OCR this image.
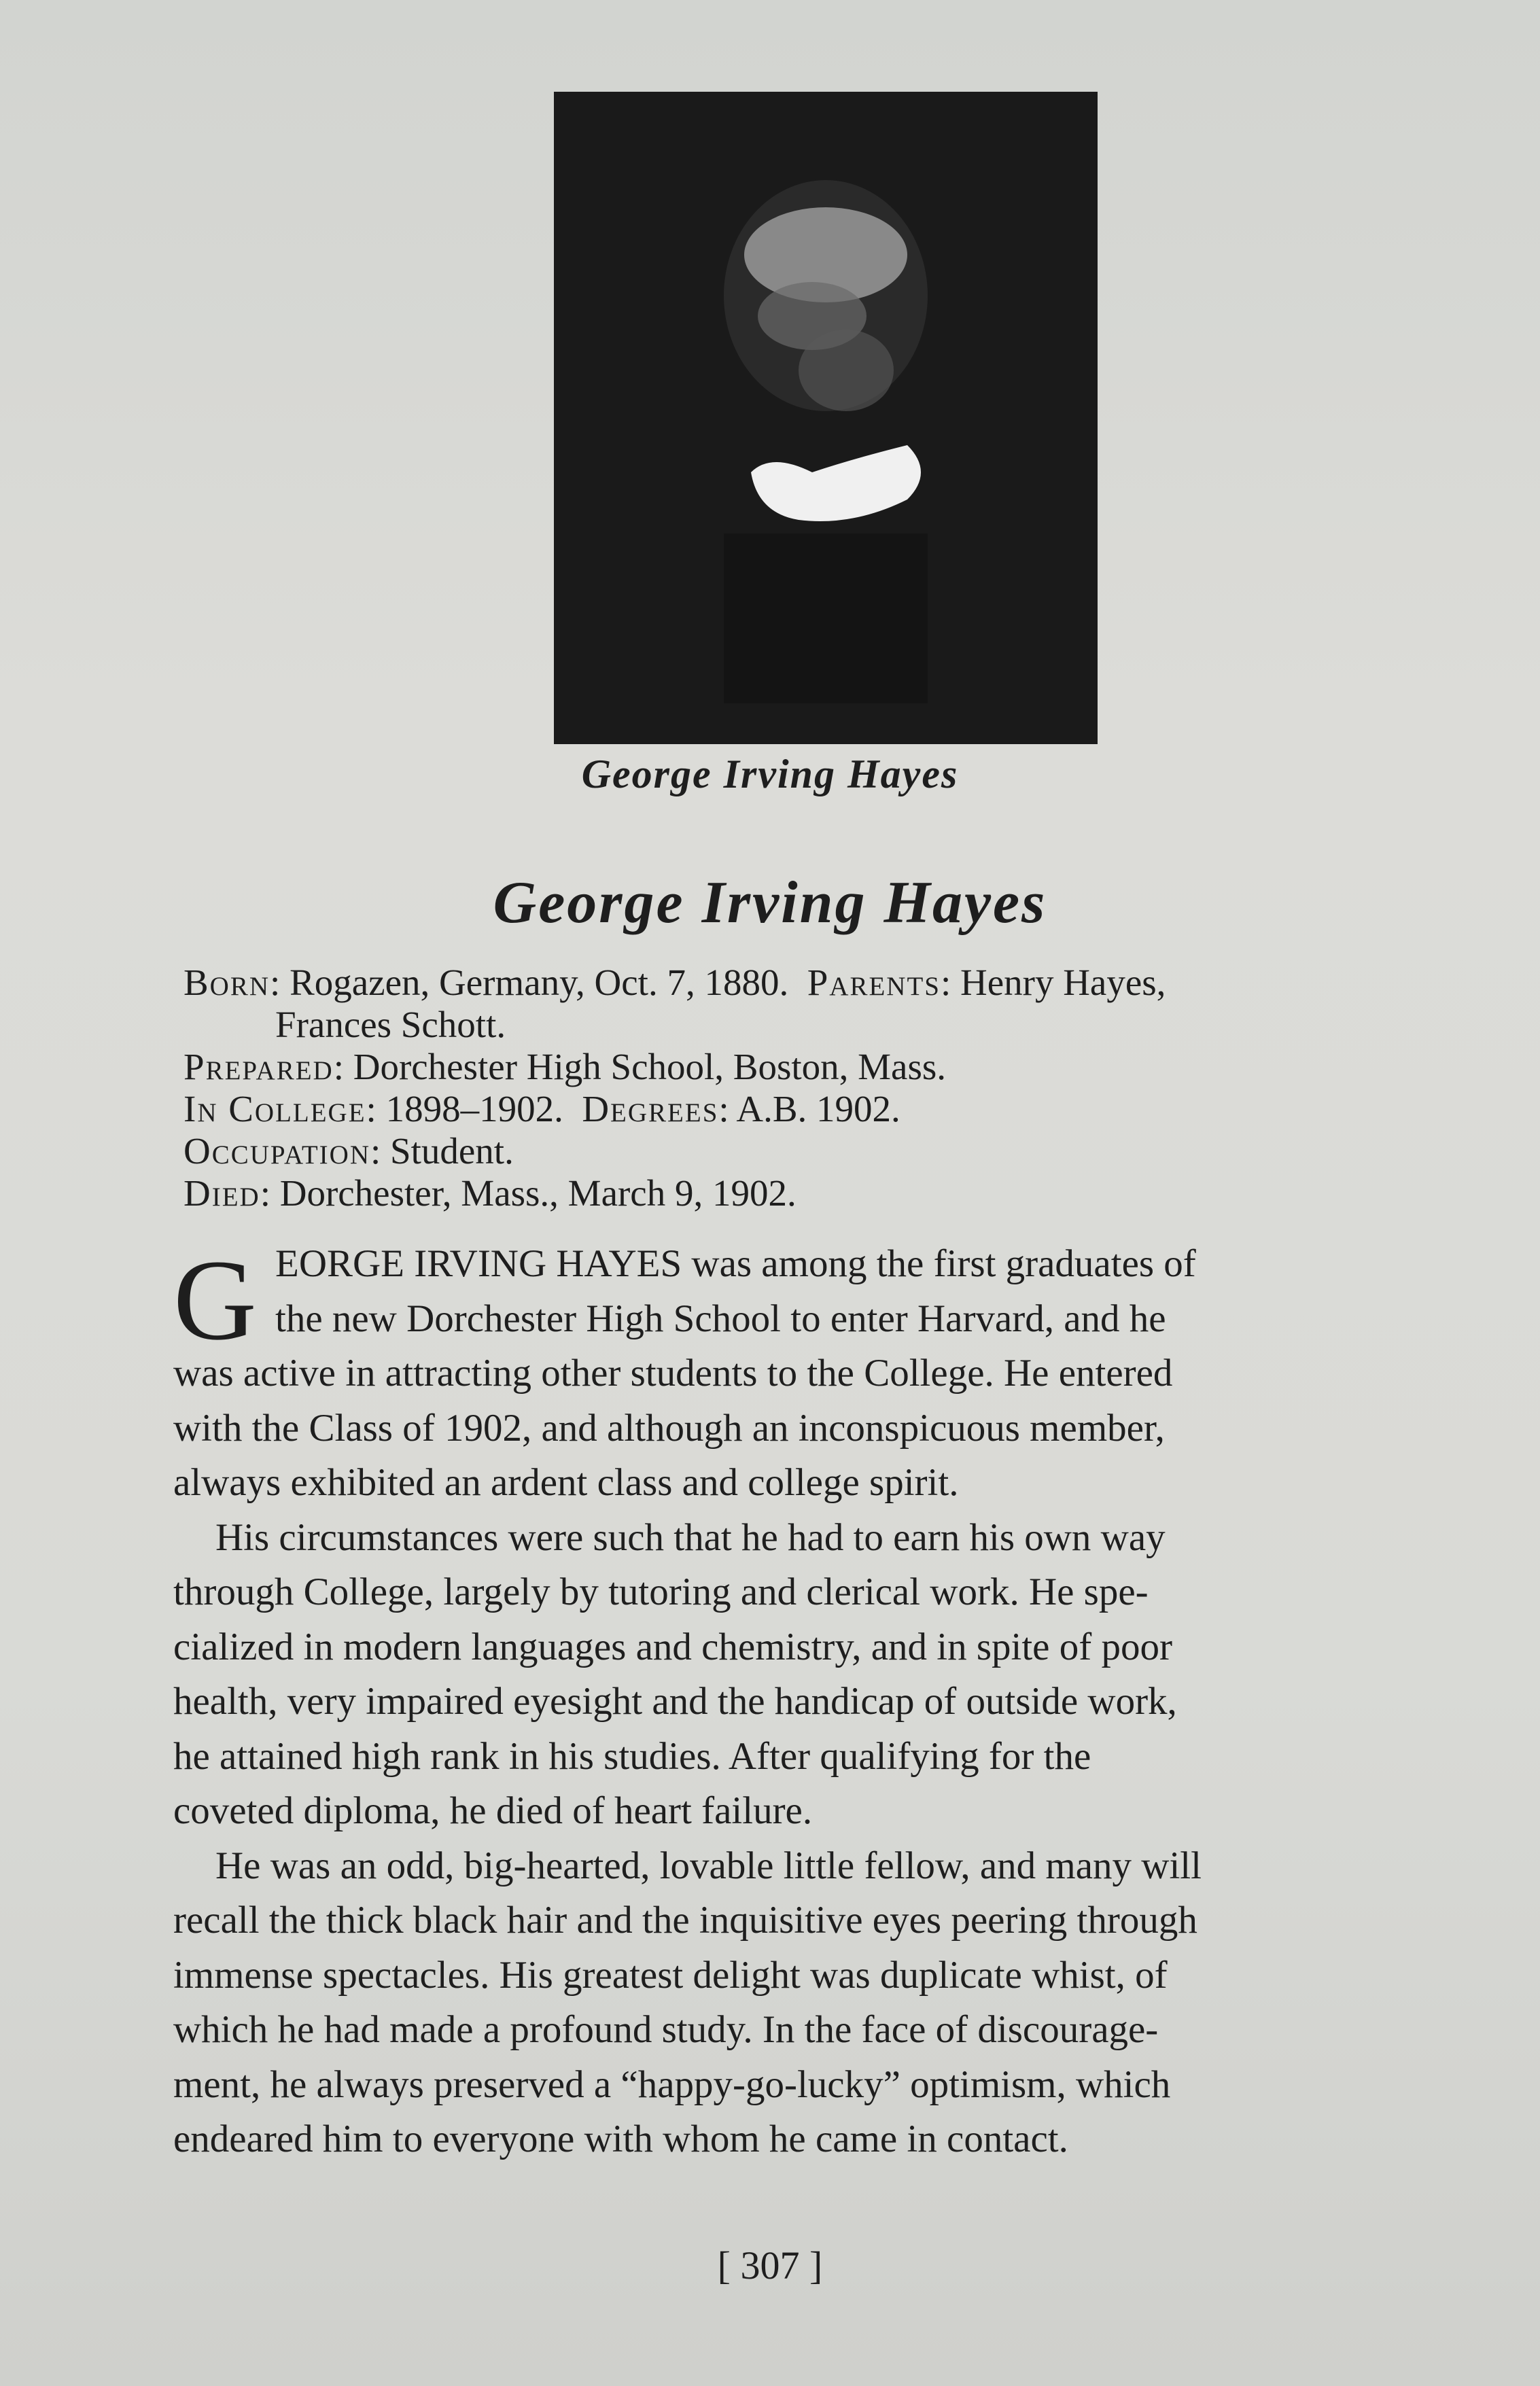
George Irving Hayes
George Irving Hayes
Born: Rogazen, Germany, Oct. 7, 1880. Parents: Henry Hayes,
Frances Schott.
Prepared: Dorchester High School, Boston, Mass.
In College: 1898–1902. Degrees: A.B. 1902.
Occupation: Student.
Died: Dorchester, Mass., March 9, 1902.
G EORGE IRVING HAYES was among the first graduates of
the new Dorchester High School to enter Harvard, and he
was active in attracting other students to the College. He entered
with the Class of 1902, and although an inconspicuous member,
always exhibited an ardent class and college spirit.
His circumstances were such that he had to earn his own way
through College, largely by tutoring and clerical work. He spe-
cialized in modern languages and chemistry, and in spite of poor
health, very impaired eyesight and the handicap of outside work,
he attained high rank in his studies. After qualifying for the
coveted diploma, he died of heart failure.
He was an odd, big-hearted, lovable little fellow, and many will
recall the thick black hair and the inquisitive eyes peering through
immense spectacles. His greatest delight was duplicate whist, of
which he had made a profound study. In the face of discourage-
ment, he always preserved a “happy-go-lucky” optimism, which
endeared him to everyone with whom he came in contact.
[ 307 ]
